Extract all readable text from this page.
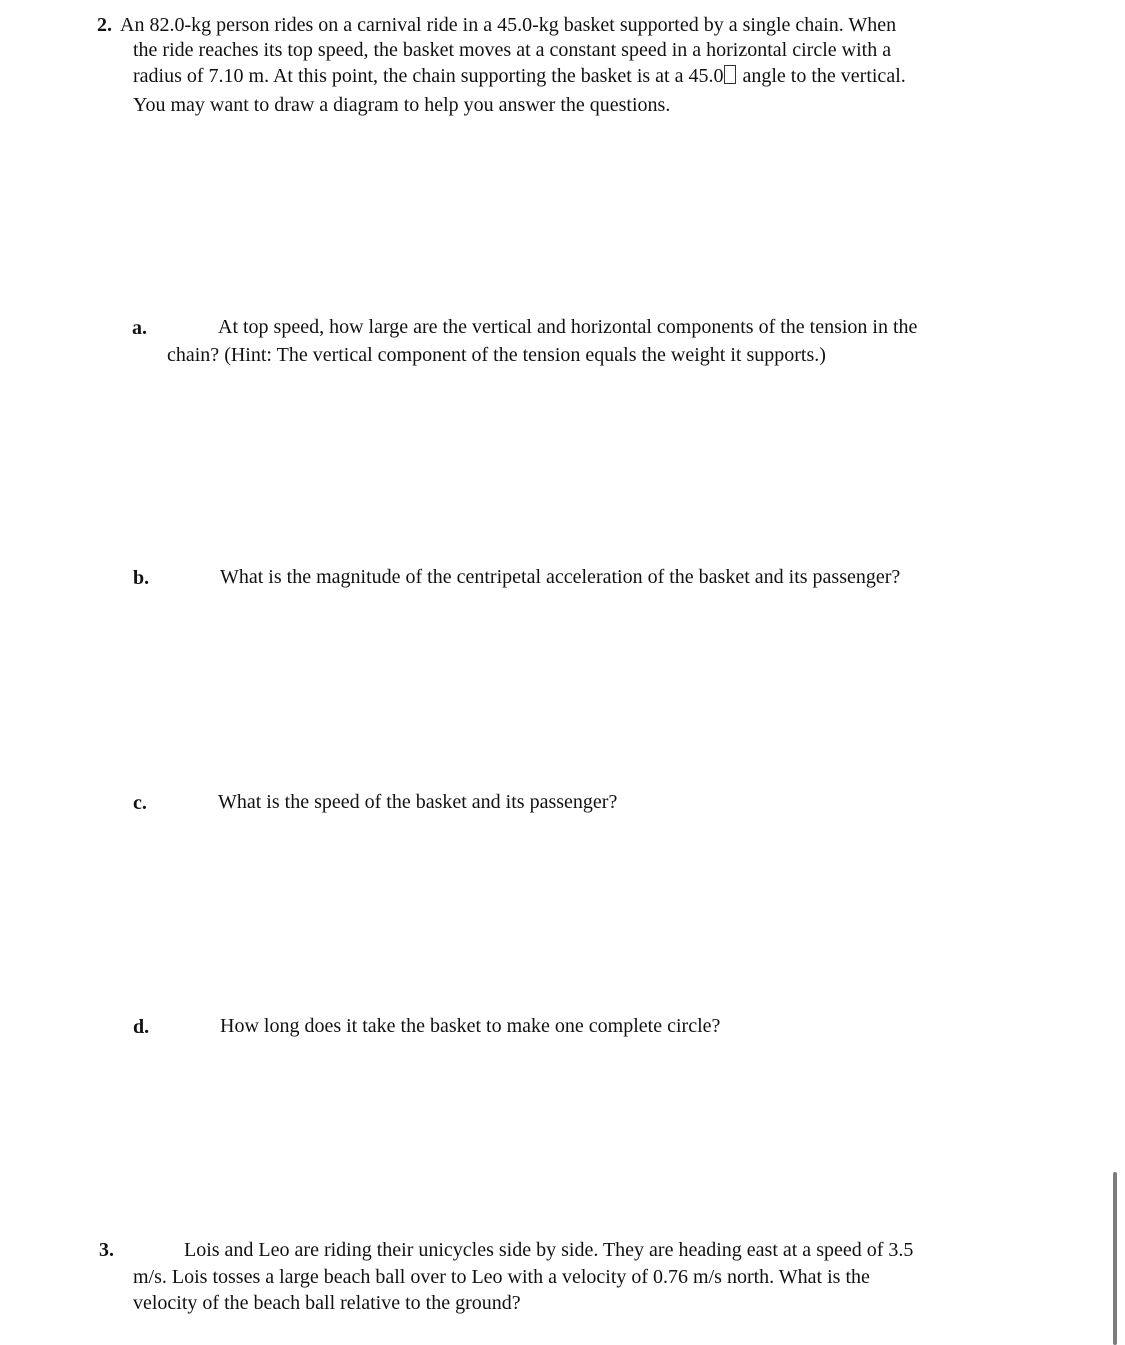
2. An 82.0-kg person rides on a carnival ride in a 45.0-kg basket supported by a single chain. When
the ride reaches its top speed, the basket moves at a constant speed in a horizontal circle with a
radius of 7.10 m. At this point, the chain supporting the basket is at a 45.0 angle to the vertical.
You may want to draw a diagram to help you answer the questions.
a.	At top speed, how large are the vertical and horizontal components of the tension in the
chain? (Hint: The vertical component of the tension equals the weight it supports.)
b.	What is the magnitude of the centripetal acceleration of the basket and its passenger?
c.	What is the speed of the basket and its passenger?
d.	How long does it take the basket to make one complete circle?
3.	Lois and Leo are riding their unicycles side by side. They are heading east at a speed of 3.5
m/s. Lois tosses a large beach ball over to Leo with a velocity of 0.76 m/s north. What is the
velocity of the beach ball relative to the ground?
